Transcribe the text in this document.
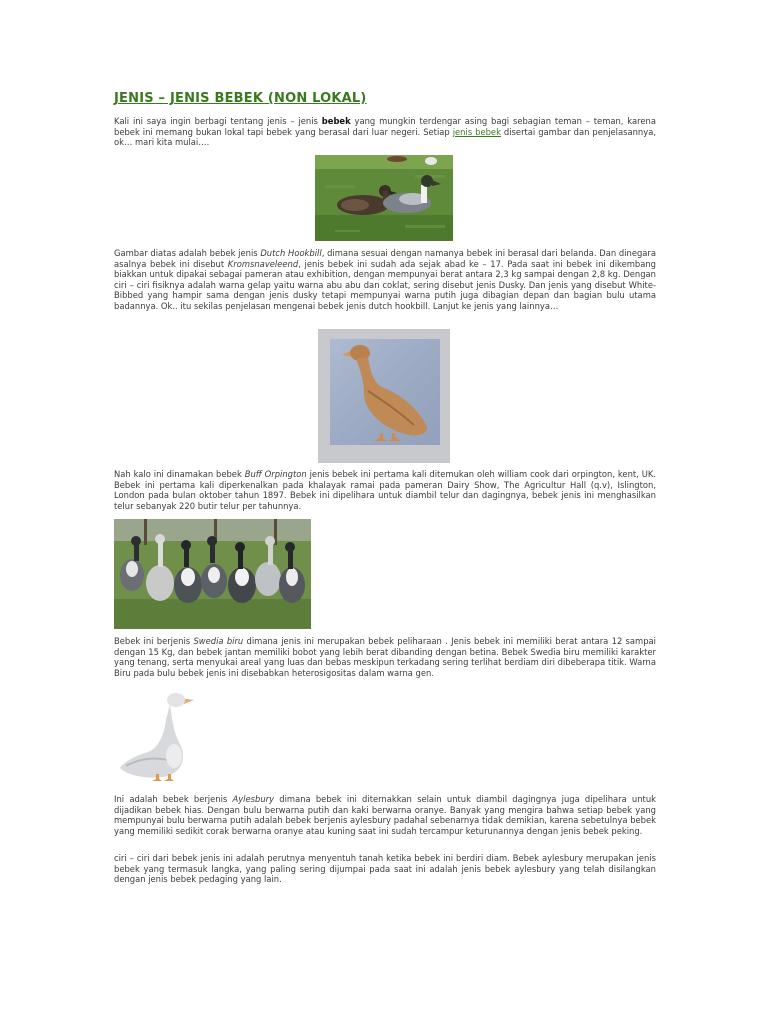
JENIS – JENIS BEBEK (NON LOKAL)

Kali ini saya ingin berbagi tentang jenis – jenis bebek yang mungkin terdengar asing bagi sebagian teman – teman, karena bebek ini memang bukan lokal tapi bebek yang berasal dari luar negeri. Setiap jenis bebek disertai gambar dan penjelasannya, ok… mari kita mulai….

Gambar diatas adalah bebek jenis Dutch Hookbill, dimana sesuai dengan namanya bebek ini berasal dari belanda. Dan dinegara asalnya bebek ini disebut Kromsnaveleend, jenis bebek ini sudah ada sejak abad ke – 17. Pada saat ini bebek ini dikembang biakkan untuk dipakai sebagai pameran atau exhibition, dengan mempunyai berat antara 2,3 kg sampai dengan 2,8 kg. Dengan ciri – ciri fisiknya adalah warna gelap yaitu warna abu abu dan coklat, sering disebut jenis Dusky. Dan jenis yang disebut White-Bibbed yang hampir sama dengan jenis dusky tetapi mempunyai warna putih juga dibagian depan dan bagian bulu utama badannya. Ok.. itu sekilas penjelasan mengenai bebek jenis dutch hookbill. Lanjut ke jenis yang lainnya…

Nah kalo ini dinamakan bebek Buff Orpington jenis bebek ini pertama kali ditemukan oleh william cook dari orpington, kent, UK. Bebek ini pertama kali diperkenalkan pada khalayak ramai pada pameran Dairy Show, The Agricultur Hall (q.v), Islington, London pada bulan oktober tahun 1897. Bebek ini dipelihara untuk diambil telur dan dagingnya, bebek jenis ini menghasilkan telur sebanyak 220 butir telur per tahunnya.

Bebek ini berjenis Swedia biru dimana jenis ini merupakan bebek peliharaan . Jenis bebek ini memiliki berat antara 12 sampai dengan 15 Kg, dan bebek jantan memiliki bobot yang lebih berat dibanding dengan betina. Bebek Swedia biru memiliki karakter yang tenang, serta menyukai areal yang luas dan bebas meskipun terkadang sering terlihat berdiam diri dibeberapa titik. Warna Biru pada bulu bebek jenis ini disebabkan heterosigositas dalam warna gen.

Ini adalah bebek berjenis Aylesbury dimana bebek ini diternakkan selain untuk diambil dagingnya juga dipelihara untuk dijadikan bebek hias. Dengan bulu berwarna putih dan kaki berwarna oranye. Banyak yang mengira bahwa setiap bebek yang mempunyai bulu berwarna putih adalah bebek berjenis aylesbury padahal sebenarnya tidak demikian, karena sebetulnya bebek yang memiliki sedikit corak berwarna oranye atau kuning saat ini sudah tercampur keturunannya dengan jenis bebek peking.

ciri – ciri dari bebek jenis ini adalah perutnya menyentuh tanah ketika bebek ini berdiri diam. Bebek aylesbury merupakan jenis bebek yang termasuk langka, yang paling sering dijumpai pada saat ini adalah jenis bebek aylesbury yang telah disilangkan dengan jenis bebek pedaging yang lain.
